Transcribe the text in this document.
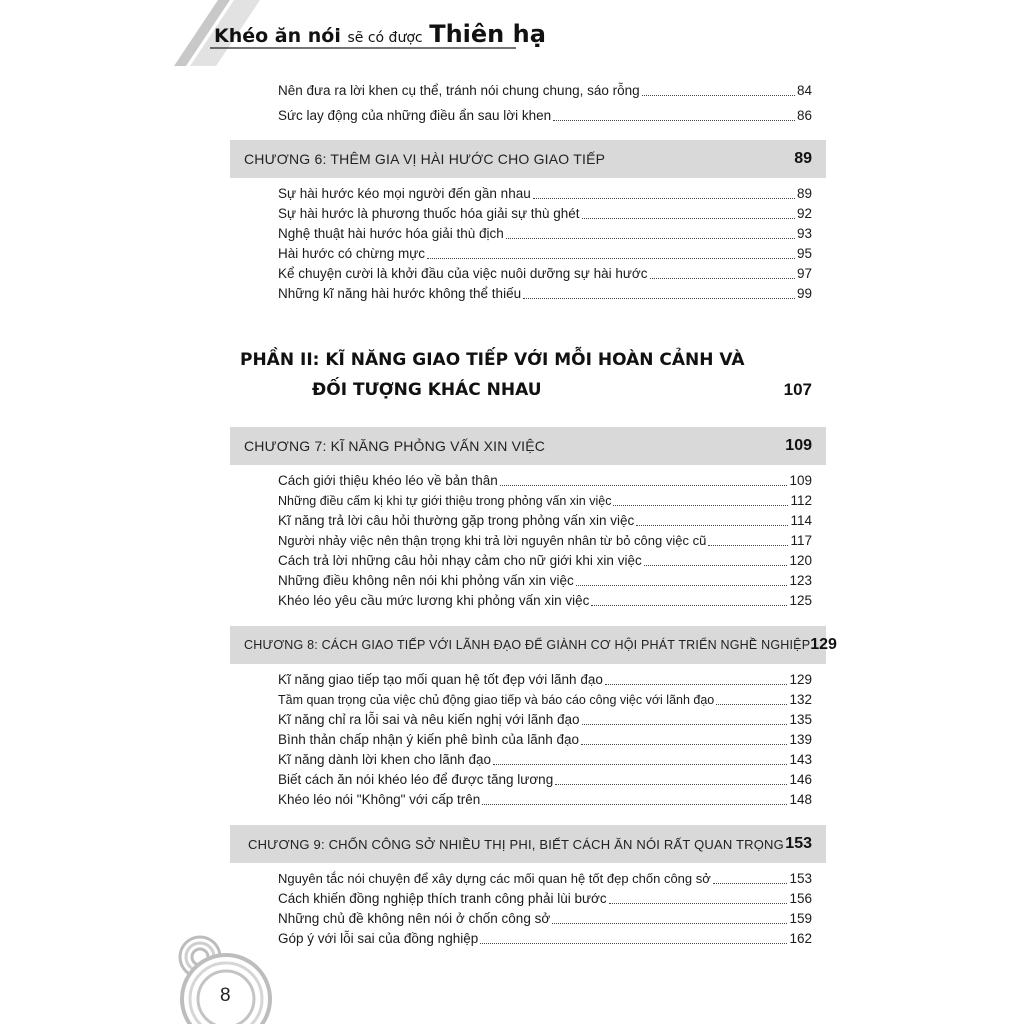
Khéo ăn nói sẽ có được Thiên hạ
Nên đưa ra lời khen cụ thể, tránh nói chung chung, sáo rỗng	84
Sức lay động của những điều ẩn sau lời khen	86
CHƯƠNG 6: THÊM GIA VỊ HÀI HƯỚC CHO GIAO TIẾP	89
Sự hài hước kéo mọi người đến gần nhau	89
Sự hài hước là phương thuốc hóa giải sự thù ghét	92
Nghệ thuật hài hước hóa giải thù địch	93
Hài hước có chừng mực	95
Kể chuyện cười là khởi đầu của việc nuôi dưỡng sự hài hước	97
Những kĩ năng hài hước không thể thiếu	99
PHẦN II: KĨ NĂNG GIAO TIẾP VỚI MỖI HOÀN CẢNH VÀ
ĐỐI TƯỢNG KHÁC NHAU	107
CHƯƠNG 7: KĨ NĂNG PHỎNG VẤN XIN VIỆC	109
Cách giới thiệu khéo léo về bản thân	109
Những điều cấm kị khi tự giới thiệu trong phỏng vấn xin việc	112
Kĩ năng trả lời câu hỏi thường gặp trong phỏng vấn xin việc	114
Người nhảy việc nên thận trọng khi trả lời nguyên nhân từ bỏ công việc cũ	117
Cách trả lời những câu hỏi nhạy cảm cho nữ giới khi xin việc	120
Những điều không nên nói khi phỏng vấn xin việc	123
Khéo léo yêu cầu mức lương khi phỏng vấn xin việc	125
CHƯƠNG 8: CÁCH GIAO TIẾP VỚI LÃNH ĐẠO ĐỂ GIÀNH CƠ HỘI PHÁT TRIỂN NGHỀ NGHIỆP 129
Kĩ năng giao tiếp tạo mối quan hệ tốt đẹp với lãnh đạo	129
Tầm quan trọng của việc chủ động giao tiếp và báo cáo công việc với lãnh đạo	132
Kĩ năng chỉ ra lỗi sai và nêu kiến nghị với lãnh đạo	135
Bình thản chấp nhận ý kiến phê bình của lãnh đạo	139
Kĩ năng dành lời khen cho lãnh đạo	143
Biết cách ăn nói khéo léo để được tăng lương	146
Khéo léo nói "Không" với cấp trên	148
CHƯƠNG 9: CHỐN CÔNG SỞ NHIỀU THỊ PHI, BIẾT CÁCH ĂN NÓI RẤT QUAN TRỌNG 153
Nguyên tắc nói chuyện để xây dựng các mối quan hệ tốt đẹp chốn công sở	153
Cách khiến đồng nghiệp thích tranh công phải lùi bước	156
Những chủ đề không nên nói ở chốn công sở	159
Góp ý với lỗi sai của đồng nghiệp	162
8
